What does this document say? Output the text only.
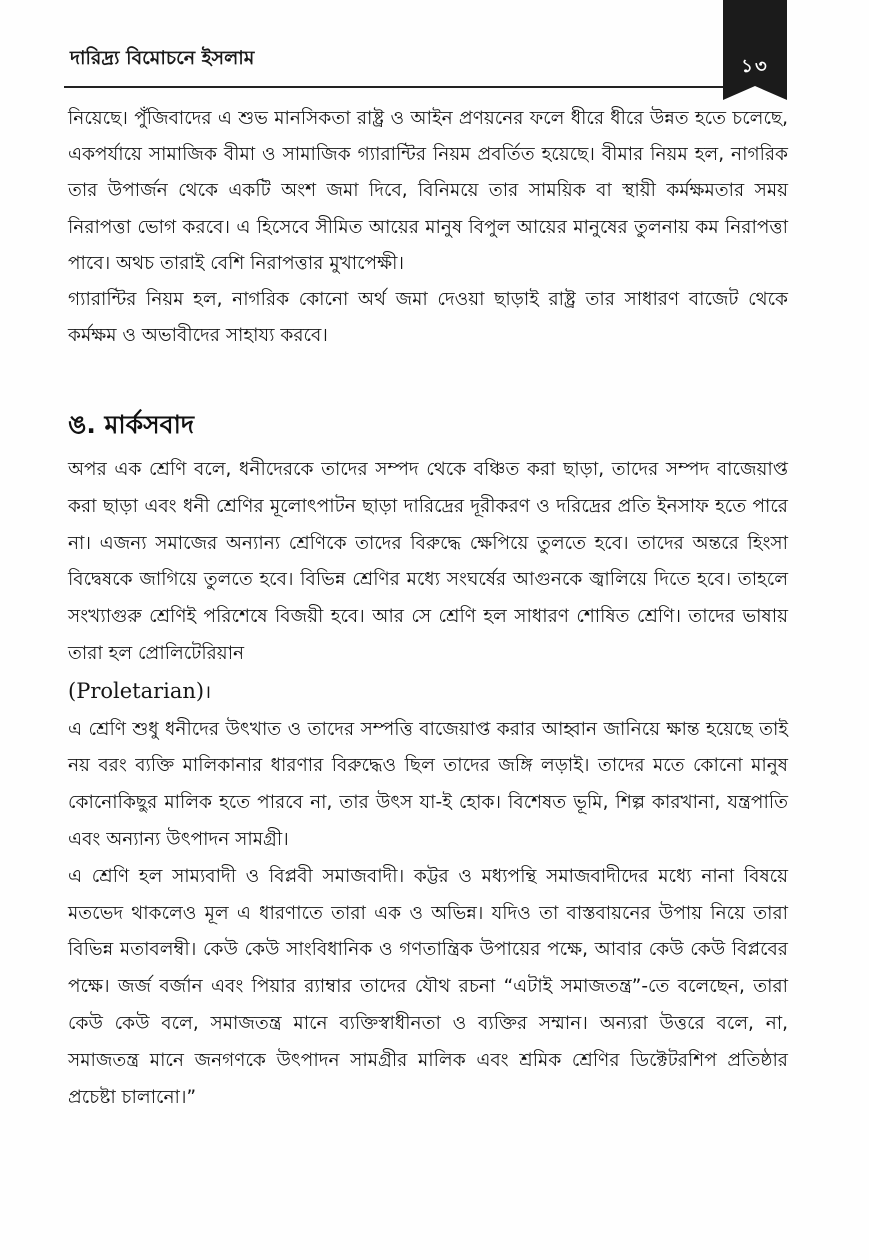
দারিদ্র্য বিমোচনে ইসলাম	১৩

নিয়েছে। পুঁজিবাদের এ শুভ মানসিকতা রাষ্ট্র ও আইন প্রণয়নের ফলে ধীরে ধীরে উন্নত হতে চলেছে, একপর্যায়ে সামাজিক বীমা ও সামাজিক গ্যারান্টির নিয়ম প্রবর্তিত হয়েছে। বীমার নিয়ম হল, নাগরিক তার উপার্জন থেকে একটি অংশ জমা দিবে, বিনিময়ে তার সাময়িক বা স্থায়ী কর্মক্ষমতার সময় নিরাপত্তা ভোগ করবে। এ হিসেবে সীমিত আয়ের মানুষ বিপুল আয়ের মানুষের তুলনায় কম নিরাপত্তা পাবে। অথচ তারাই বেশি নিরাপত্তার মুখাপেক্ষী।

গ্যারান্টির নিয়ম হল, নাগরিক কোনো অর্থ জমা দেওয়া ছাড়াই রাষ্ট্র তার সাধারণ বাজেট থেকে কর্মক্ষম ও অভাবীদের সাহায্য করবে।

ঙ. মার্কসবাদ

অপর এক শ্রেণি বলে, ধনীদেরকে তাদের সম্পদ থেকে বঞ্চিত করা ছাড়া, তাদের সম্পদ বাজেয়াপ্ত করা ছাড়া এবং ধনী শ্রেণির মূলোৎপাটন ছাড়া দারিদ্রের দূরীকরণ ও দরিদ্রের প্রতি ইনসাফ হতে পারে না। এজন্য সমাজের অন্যান্য শ্রেণিকে তাদের বিরুদ্ধে ক্ষেপিয়ে তুলতে হবে। তাদের অন্তরে হিংসা বিদ্বেষকে জাগিয়ে তুলতে হবে। বিভিন্ন শ্রেণির মধ্যে সংঘর্ষের আগুনকে জ্বালিয়ে দিতে হবে। তাহলে সংখ্যাগুরু শ্রেণিই পরিশেষে বিজয়ী হবে। আর সে শ্রেণি হল সাধারণ শোষিত শ্রেণি। তাদের ভাষায় তারা হল প্রোলিটেরিয়ান
(Proletarian)।

এ শ্রেণি শুধু ধনীদের উৎখাত ও তাদের সম্পত্তি বাজেয়াপ্ত করার আহ্বান জানিয়ে ক্ষান্ত হয়েছে তাই নয় বরং ব্যক্তি মালিকানার ধারণার বিরুদ্ধেও ছিল তাদের জঙ্গি লড়াই। তাদের মতে কোনো মানুষ কোনোকিছুর মালিক হতে পারবে না, তার উৎস যা-ই হোক। বিশেষত ভূমি, শিল্প কারখানা, যন্ত্রপাতি এবং অন্যান্য উৎপাদন সামগ্রী।

এ শ্রেণি হল সাম্যবাদী ও বিপ্লবী সমাজবাদী। কট্টর ও মধ্যপন্থি সমাজবাদীদের মধ্যে নানা বিষয়ে মতভেদ থাকলেও মূল এ ধারণাতে তারা এক ও অভিন্ন। যদিও তা বাস্তবায়নের উপায় নিয়ে তারা বিভিন্ন মতাবলম্বী। কেউ কেউ সাংবিধানিক ও গণতান্ত্রিক উপায়ের পক্ষে, আবার কেউ কেউ বিপ্লবের পক্ষে। জর্জ বর্জান এবং পিয়ার র‍্যাম্বার তাদের যৌথ রচনা “এটাই সমাজতন্ত্র”-তে বলেছেন, তারা কেউ কেউ বলে, সমাজতন্ত্র মানে ব্যক্তিস্বাধীনতা ও ব্যক্তির সম্মান। অন্যরা উত্তরে বলে, না, সমাজতন্ত্র মানে জনগণকে উৎপাদন সামগ্রীর মালিক এবং শ্রমিক শ্রেণির ডিক্টেটরশিপ প্রতিষ্ঠার প্রচেষ্টা চালানো।”
